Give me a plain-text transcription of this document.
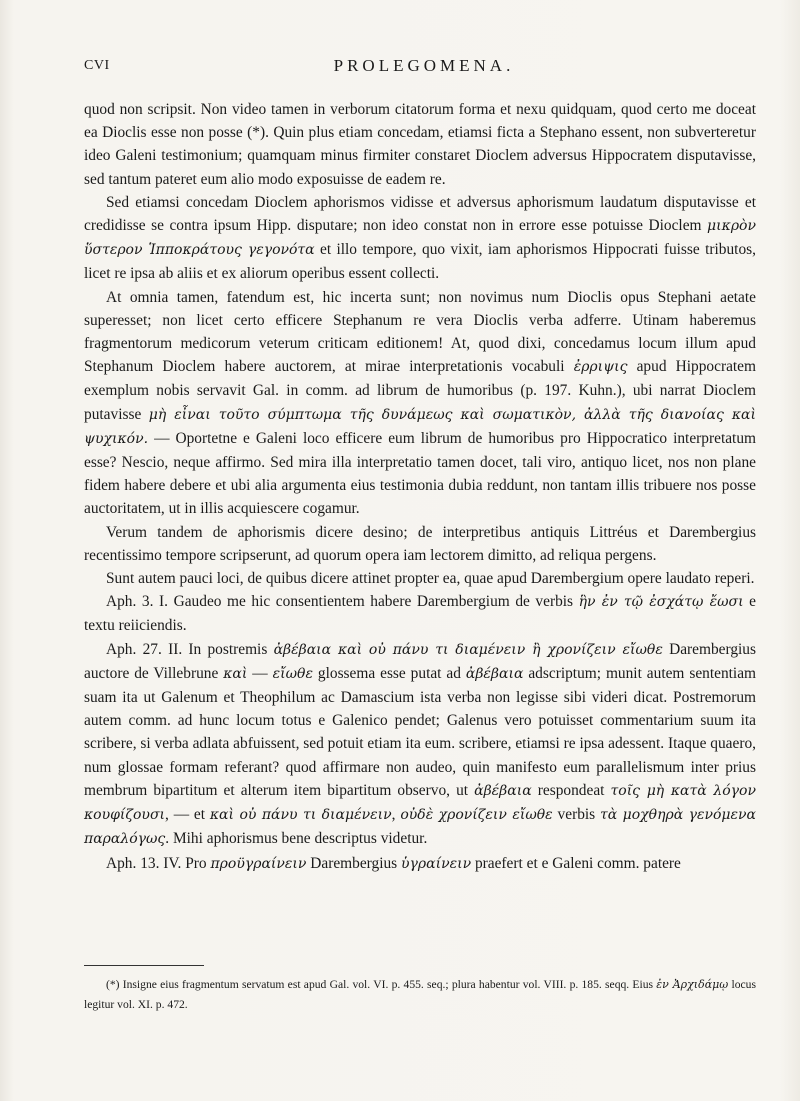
CVI	PROLEGOMENA.

quod non scripsit. Non video tamen in verborum citatorum forma et nexu quidquam, quod certo me doceat ea Dioclis esse non posse (*). Quin plus etiam concedam, etiamsi ficta a Stephano essent, non subverteretur ideo Galeni testimonium; quamquam minus firmiter constaret Dioclem adversus Hippocratem disputavisse, sed tantum pateret eum alio modo exposuisse de eadem re.

Sed etiamsi concedam Dioclem aphorismos vidisse et adversus aphorismum laudatum disputavisse et credidisse se contra ipsum Hipp. disputare; non ideo constat non in errore esse potuisse Dioclem μικρὸν ὕστερον Ἱπποκράτους γεγονότα et illo tempore, quo vixit, iam aphorismos Hippocrati fuisse tributos, licet re ipsa ab aliis et ex aliorum operibus essent collecti.

At omnia tamen, fatendum est, hic incerta sunt; non novimus num Dioclis opus Stephani aetate superesset; non licet certo efficere Stephanum re vera Dioclis verba adferre. Utinam haberemus fragmentorum medicorum veterum criticam editionem! At, quod dixi, concedamus locum illum apud Stephanum Dioclem habere auctorem, at mirae interpretationis vocabuli ἐρριψις apud Hippocratem exemplum nobis servavit Gal. in comm. ad librum de humoribus (p. 197. Kuhn.), ubi narrat Dioclem putavisse μὴ εἶναι τοῦτο σύμπτωμα τῆς δυνάμεως καὶ σωματικὸν, ἀλλὰ τῆς διανοίας καὶ ψυχικόν. — Oportetne e Galeni loco efficere eum librum de humoribus pro Hippocratico interpretatum esse? Nescio, neque affirmo. Sed mira illa interpretatio tamen docet, tali viro, antiquo licet, nos non plane fidem habere debere et ubi alia argumenta eius testimonia dubia reddunt, non tantam illis tribuere nos posse auctoritatem, ut in illis acquiescere cogamur.

Verum tandem de aphorismis dicere desino; de interpretibus antiquis Littréus et Darembergius recentissimo tempore scripserunt, ad quorum opera iam lectorem dimitto, ad reliqua pergens.

Sunt autem pauci loci, de quibus dicere attinet propter ea, quae apud Darembergium opere laudato reperi.

Aph. 3. I. Gaudeo me hic consentientem habere Darembergium de verbis ἣν ἐν τῷ ἐσχάτῳ ἔωσι e textu reiiciendis.

Aph. 27. II. In postremis ἀβέβαια καὶ οὐ πάνυ τι διαμένειν ἢ χρονίζειν εἴωθε Darembergius auctore de Villebrune καὶ — εἴωθε glossema esse putat ad ἀβέβαια adscriptum; munit autem sententiam suam ita ut Galenum et Theophilum ac Damascium ista verba non legisse sibi videri dicat. Postremorum autem comm. ad hunc locum totus e Galenico pendet; Galenus vero potuisset commentarium suum ita scribere, si verba adlata abfuissent, sed potuit etiam ita eum. scribere, etiamsi re ipsa adessent. Itaque quaero, num glossae formam referant? quod affirmare non audeo, quin manifesto eum parallelismum inter prius membrum bipartitum et alterum item bipartitum observo, ut ἀβέβαια respondeat τοῖς μὴ κατὰ λόγον κουφίζουσι, — et καὶ οὐ πάνυ τι διαμένειν, οὐδὲ χρονίζειν εἴωθε verbis τὰ μοχθηρὰ γενόμενα παραλόγως. Mihi aphorismus bene descriptus videtur.

Aph. 13. IV. Pro προϋγραίνειν Darembergius ὑγραίνειν praefert et e Galeni comm. patere

(*) Insigne eius fragmentum servatum est apud Gal. vol. VI. p. 455. seq.; plura habentur vol. VIII. p. 185. seqq. Eius ἐν Ἀρχιδάμῳ locus legitur vol. XI. p. 472.
